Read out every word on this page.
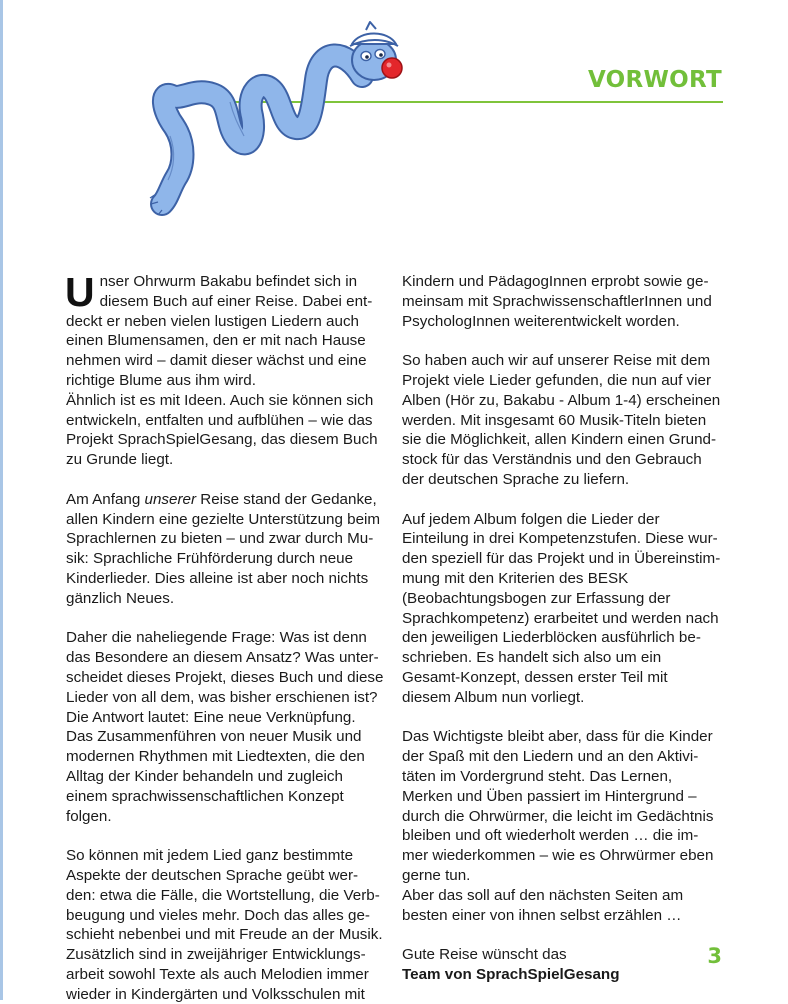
VORWORT

Unser Ohrwurm Bakabu befindet sich in
diesem Buch auf einer Reise. Dabei ent-
deckt er neben vielen lustigen Liedern auch
einen Blumensamen, den er mit nach Hause
nehmen wird – damit dieser wächst und eine
richtige Blume aus ihm wird.
Ähnlich ist es mit Ideen. Auch sie können sich
entwickeln, entfalten und aufblühen – wie das
Projekt SprachSpielGesang, das diesem Buch
zu Grunde liegt.

Am Anfang unserer Reise stand der Gedanke,
allen Kindern eine gezielte Unterstützung beim
Sprachlernen zu bieten – und zwar durch Mu-
sik: Sprachliche Frühförderung durch neue
Kinderlieder. Dies alleine ist aber noch nichts
gänzlich Neues.

Daher die naheliegende Frage: Was ist denn
das Besondere an diesem Ansatz? Was unter-
scheidet dieses Projekt, dieses Buch und diese
Lieder von all dem, was bisher erschienen ist?
Die Antwort lautet: Eine neue Verknüpfung.
Das Zusammenführen von neuer Musik und
modernen Rhythmen mit Liedtexten, die den
Alltag der Kinder behandeln und zugleich
einem sprachwissenschaftlichen Konzept
folgen.

So können mit jedem Lied ganz bestimmte
Aspekte der deutschen Sprache geübt wer-
den: etwa die Fälle, die Wortstellung, die Verb-
beugung und vieles mehr. Doch das alles ge-
schieht nebenbei und mit Freude an der Musik.
Zusätzlich sind in zweijähriger Entwicklungs-
arbeit sowohl Texte als auch Melodien immer
wieder in Kindergärten und Volksschulen mit

Kindern und PädagogInnen erprobt sowie ge-
meinsam mit SprachwissenschaftlerInnen und
PsychologInnen weiterentwickelt worden.

So haben auch wir auf unserer Reise mit dem
Projekt viele Lieder gefunden, die nun auf vier
Alben (Hör zu, Bakabu - Album 1-4) erscheinen
werden. Mit insgesamt 60 Musik-Titeln bieten
sie die Möglichkeit, allen Kindern einen Grund-
stock für das Verständnis und den Gebrauch
der deutschen Sprache zu liefern.

Auf jedem Album folgen die Lieder der
Einteilung in drei Kompetenzstufen. Diese wur-
den speziell für das Projekt und in Übereinstim-
mung mit den Kriterien des BESK
(Beobachtungsbogen zur Erfassung der
Sprachkompetenz) erarbeitet und werden nach
den jeweiligen Liederblöcken ausführlich be-
schrieben. Es handelt sich also um ein
Gesamt-Konzept, dessen erster Teil mit
diesem Album nun vorliegt.

Das Wichtigste bleibt aber, dass für die Kinder
der Spaß mit den Liedern und an den Aktivi-
täten im Vordergrund steht. Das Lernen,
Merken und Üben passiert im Hintergrund –
durch die Ohrwürmer, die leicht im Gedächtnis
bleiben und oft wiederholt werden … die im-
mer wiederkommen – wie es Ohrwürmer eben
gerne tun.
Aber das soll auf den nächsten Seiten am
besten einer von ihnen selbst erzählen …

Gute Reise wünscht das

Team von SprachSpielGesang

3
